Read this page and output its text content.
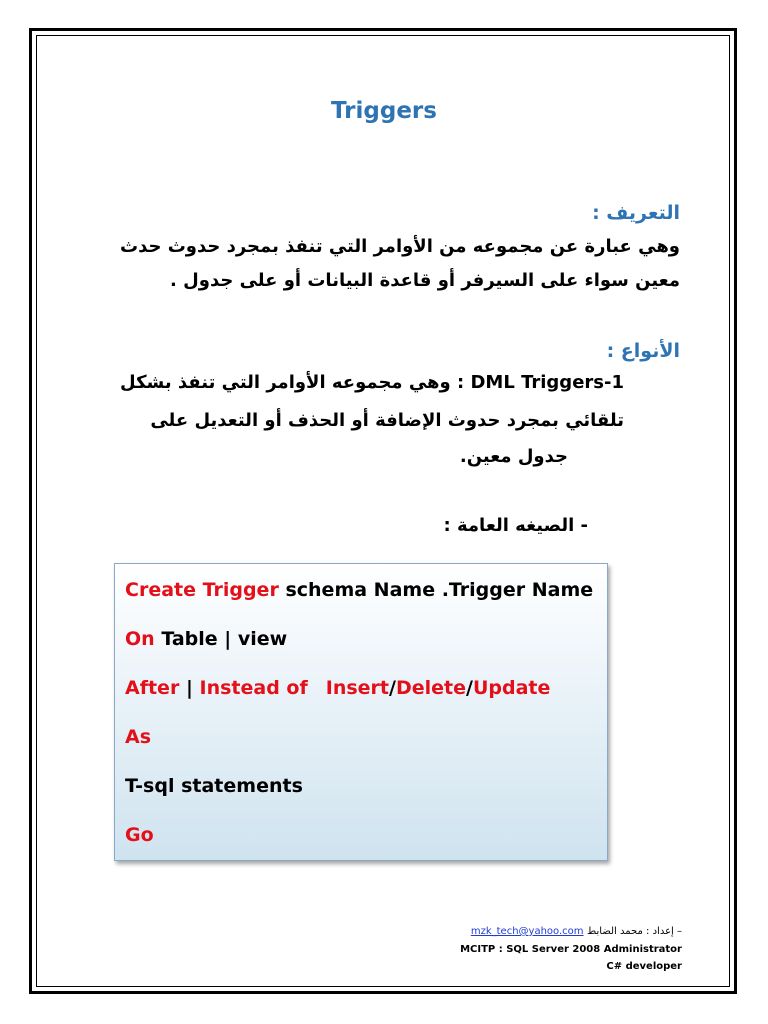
Triggers
التعريف :
وهي عبارة عن مجموعه من الأوامر التي تنفذ بمجرد حدوث حدث
معين سواء على السيرفر أو قاعدة البيانات أو على جدول .
الأنواع :
DML Triggers-1 : وهي مجموعه الأوامر التي تنفذ بشكل
تلقائي بمجرد حدوث الإضافة أو الحذف أو التعديل على
جدول معين.
- الصيغه العامة :
Create Trigger schema Name .Trigger Name
On Table | view
After | Instead of Insert/Delete/Update
As
T-sql statements
Go
mzk_tech@yahoo.com إعداد : محمد الضابط –
MCITP : SQL Server 2008 Administrator
C# developer
